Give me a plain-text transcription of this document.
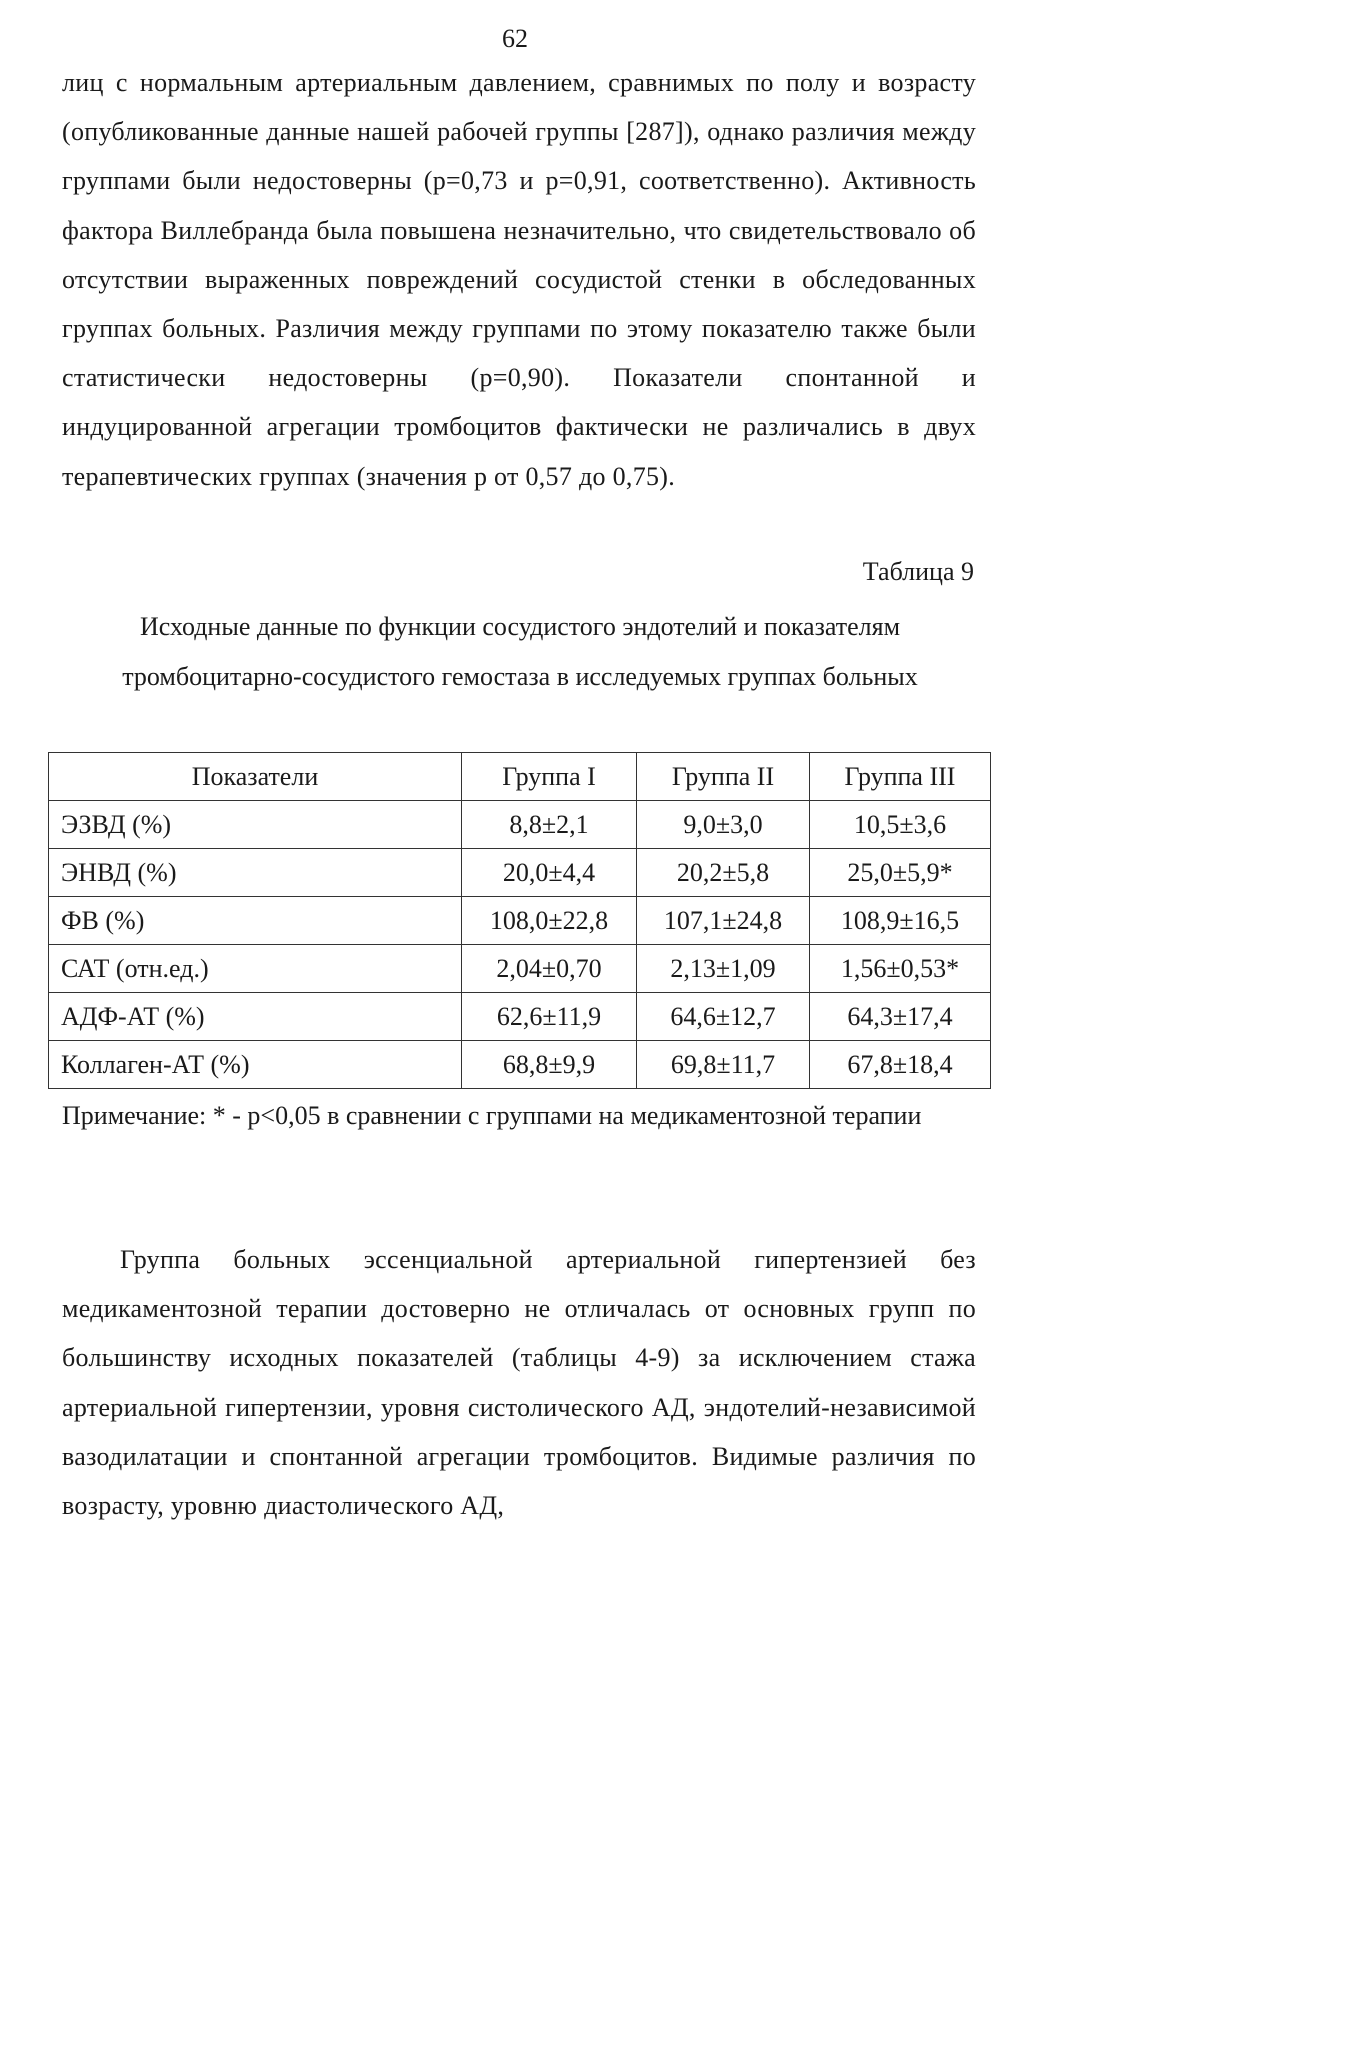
62

лиц с нормальным артериальным давлением, сравнимых по полу и возрасту (опубликованные данные нашей рабочей группы [287]), однако различия между группами были недостоверны (p=0,73 и p=0,91, соответственно). Активность фактора Виллебранда была повышена незначительно, что свидетельствовало об отсутствии выраженных повреждений сосудистой стенки в обследованных группах больных. Различия между группами по этому показателю также были статистически недостоверны (p=0,90). Показатели спонтанной и индуцированной агрегации тромбоцитов фактически не различались в двух терапевтических группах (значения p от 0,57 до 0,75).

Таблица 9
Исходные данные по функции сосудистого эндотелий и показателям
тромбоцитарно-сосудистого гемостаза в исследуемых группах больных
Показатели	Группа I	Группа II	Группа III
ЭЗВД (%)	8,8±2,1	9,0±3,0	10,5±3,6
ЭНВД (%)	20,0±4,4	20,2±5,8	25,0±5,9*
ФВ (%)	108,0±22,8	107,1±24,8	108,9±16,5
САТ (отн.ед.)	2,04±0,70	2,13±1,09	1,56±0,53*
АДФ-АТ (%)	62,6±11,9	64,6±12,7	64,3±17,4
Коллаген-АТ (%)	68,8±9,9	69,8±11,7	67,8±18,4

Примечание: * - p<0,05 в сравнении с группами на медикаментозной терапии

Группа больных эссенциальной артериальной гипертензией без медикаментозной терапии достоверно не отличалась от основных групп по большинству исходных показателей (таблицы 4-9) за исключением стажа артериальной гипертензии, уровня систолического АД, эндотелий-независимой вазодилатации и спонтанной агрегации тромбоцитов. Видимые различия по возрасту, уровню диастолического АД,
